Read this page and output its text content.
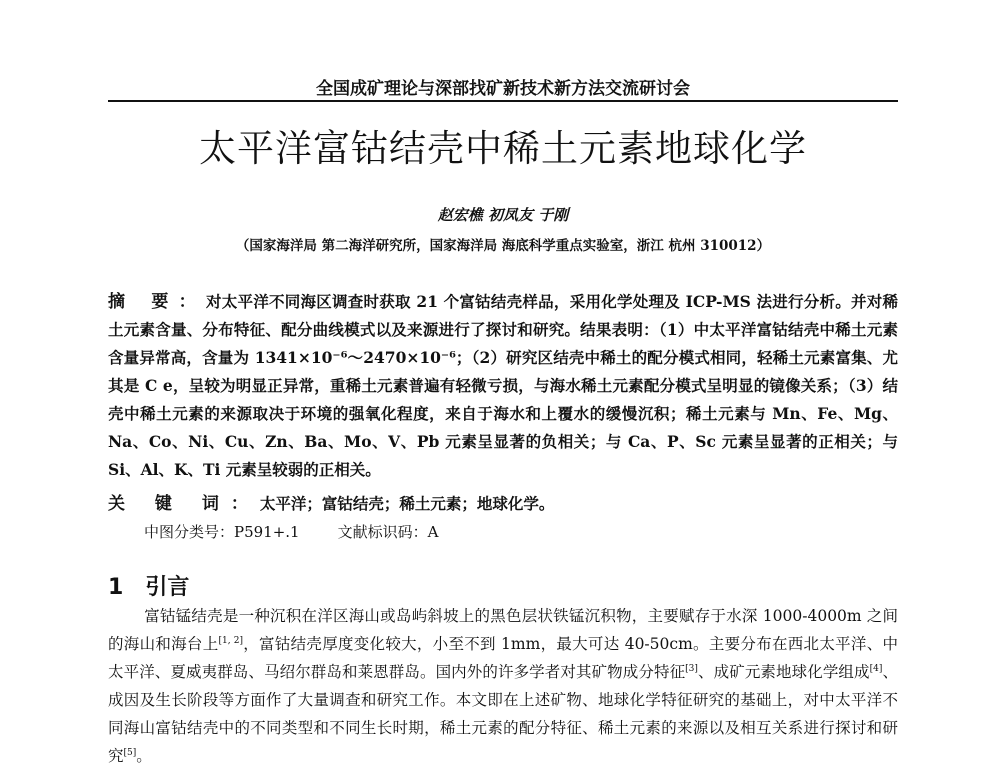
全国成矿理论与深部找矿新技术新方法交流研讨会
太平洋富钴结壳中稀土元素地球化学
赵宏樵 初凤友 于刚
（国家海洋局 第二海洋研究所，国家海洋局 海底科学重点实验室，浙江 杭州 310012）
摘 要：对太平洋不同海区调查时获取 21 个富钴结壳样品，采用化学处理及 ICP-MS 法进行分析。并对稀土元素含量、分布特征、配分曲线模式以及来源进行了探讨和研究。结果表明：（1）中太平洋富钴结壳中稀土元素含量异常高，含量为 1341×10⁻⁶～2470×10⁻⁶；（2）研究区结壳中稀土的配分模式相同，轻稀土元素富集、尤其是 C e，呈较为明显正异常，重稀土元素普遍有轻微亏损，与海水稀土元素配分模式呈明显的镜像关系；（3）结壳中稀土元素的来源取决于环境的强氧化程度，来自于海水和上覆水的缓慢沉积；稀土元素与 Mn、Fe、Mg、Na、Co、Ni、Cu、Zn、Ba、Mo、V、Pb 元素呈显著的负相关；与 Ca、P、Sc 元素呈显著的正相关；与 Si、Al、K、Ti 元素呈较弱的正相关。
关 键 词：太平洋；富钴结壳；稀土元素；地球化学。
中图分类号：P591+.1	文献标识码：A
1 引言
富钴锰结壳是一种沉积在洋区海山或岛屿斜坡上的黑色层状铁锰沉积物，主要赋存于水深 1000-4000m 之间的海山和海台上[1, 2]，富钴结壳厚度变化较大，小至不到 1mm，最大可达 40-50cm。主要分布在西北太平洋、中太平洋、夏威夷群岛、马绍尔群岛和莱恩群岛。国内外的许多学者对其矿物成分特征[3]、成矿元素地球化学组成[4]、成因及生长阶段等方面作了大量调查和研究工作。本文即在上述矿物、地球化学特征研究的基础上，对中太平洋不同海山富钴结壳中的不同类型和不同生长时期，稀土元素的配分特征、稀土元素的来源以及相互关系进行探讨和研究[5]。
